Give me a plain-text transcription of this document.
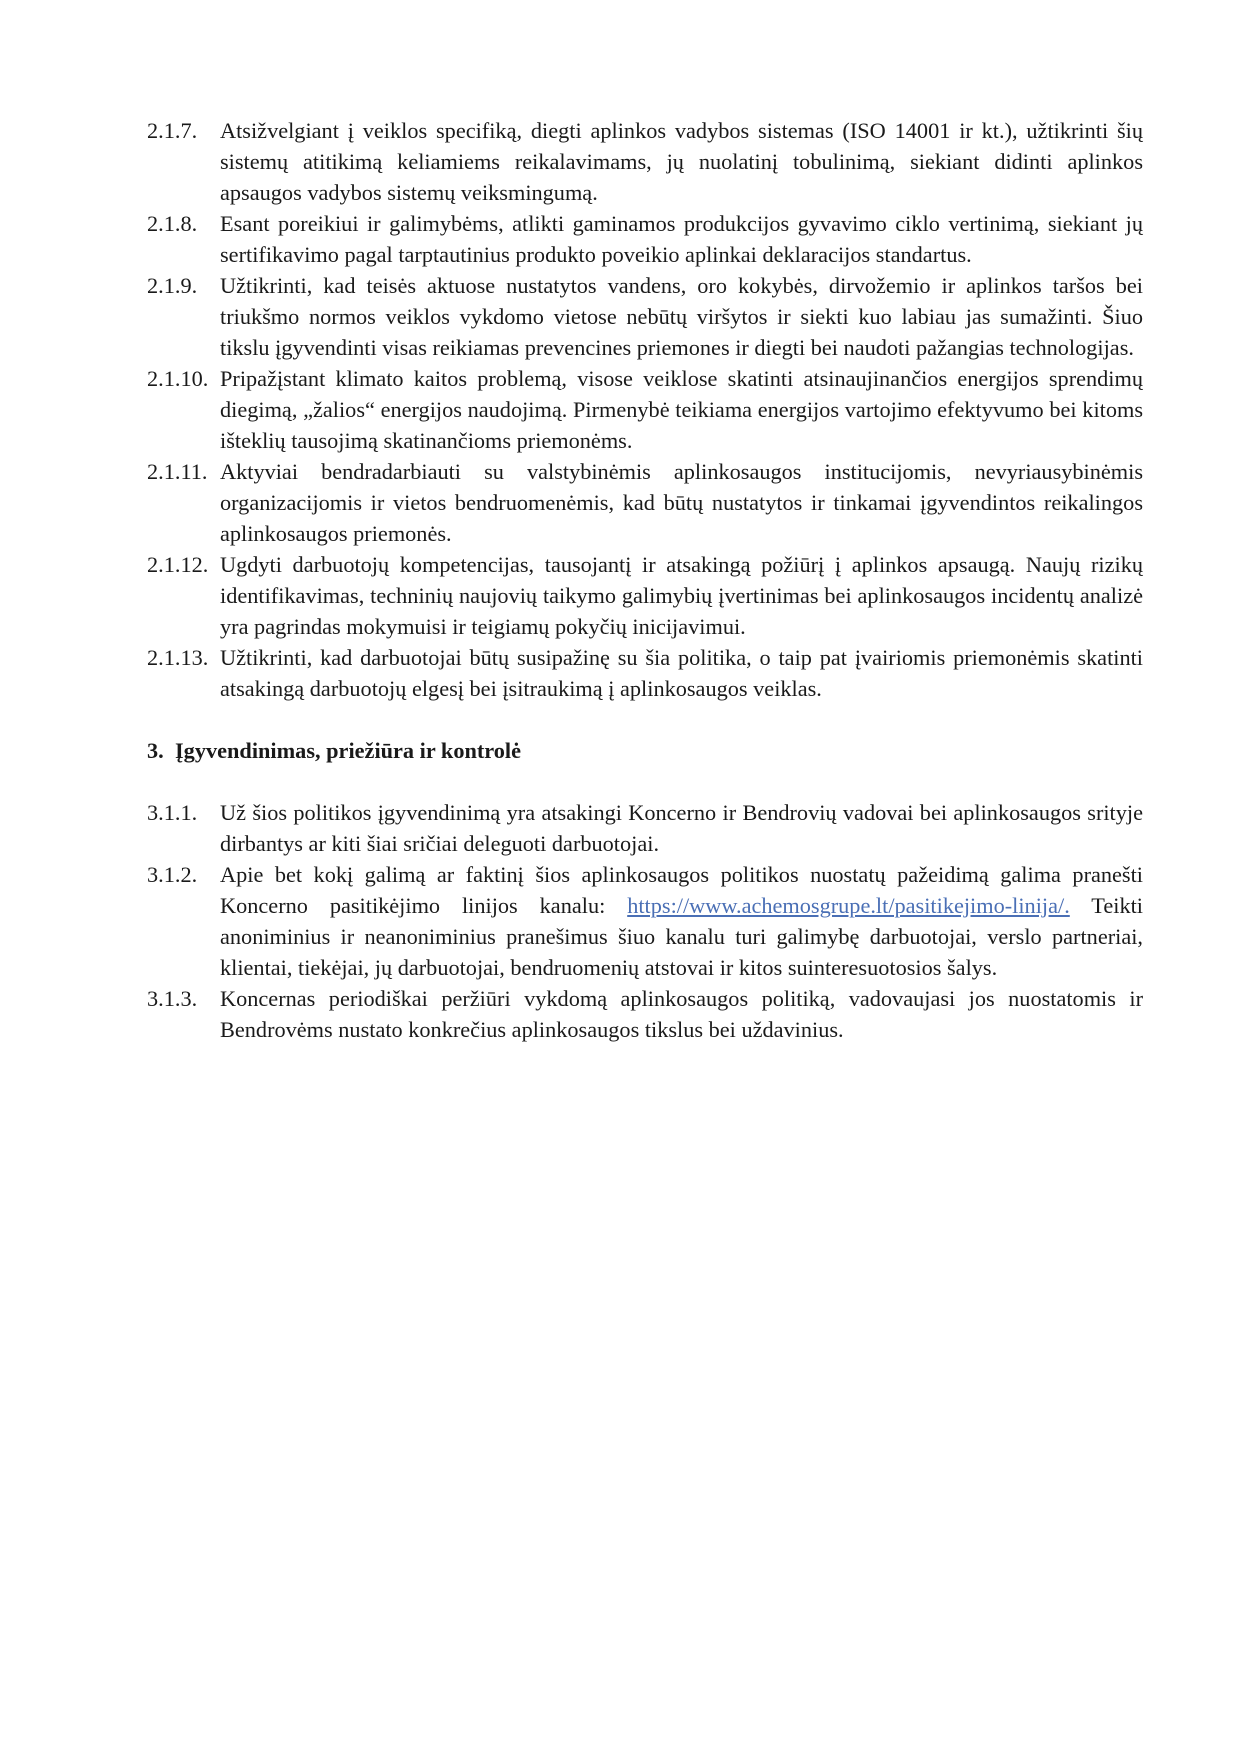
2.1.7.	Atsižvelgiant į veiklos specifiką, diegti aplinkos vadybos sistemas (ISO 14001 ir kt.), užtikrinti šių sistemų atitikimą keliamiems reikalavimams, jų nuolatinį tobulinimą, siekiant didinti aplinkos apsaugos vadybos sistemų veiksmingumą.
2.1.8.	Esant poreikiui ir galimybėms, atlikti gaminamos produkcijos gyvavimo ciklo vertinimą, siekiant jų sertifikavimo pagal tarptautinius produkto poveikio aplinkai deklaracijos standartus.
2.1.9.	Užtikrinti, kad teisės aktuose nustatytos vandens, oro kokybės, dirvožemio ir aplinkos taršos bei triukšmo normos veiklos vykdomo vietose nebūtų viršytos ir siekti kuo labiau jas sumažinti. Šiuo tikslu įgyvendinti visas reikiamas prevencines priemones ir diegti bei naudoti pažangias technologijas.
2.1.10. Pripažįstant klimato kaitos problemą, visose veiklose skatinti atsinaujinančios energijos sprendimų diegimą, „žalios“ energijos naudojimą. Pirmenybė teikiama energijos vartojimo efektyvumo bei kitoms išteklių tausojimą skatinančioms priemonėms.
2.1.11. Aktyviai bendradarbiauti su valstybinėmis aplinkosaugos institucijomis, nevyriausybinėmis organizacijomis ir vietos bendruomenėmis, kad būtų nustatytos ir tinkamai įgyvendintos reikalingos aplinkosaugos priemonės.
2.1.12. Ugdyti darbuotojų kompetencijas, tausojantį ir atsakingą požiūrį į aplinkos apsaugą. Naujų rizikų identifikavimas, techninių naujovių taikymo galimybių įvertinimas bei aplinkosaugos incidentų analizė yra pagrindas mokymuisi ir teigiamų pokyčių inicijavimui.
2.1.13. Užtikrinti, kad darbuotojai būtų susipažinę su šia politika, o taip pat įvairiomis priemonėmis skatinti atsakingą darbuotojų elgesį bei įsitraukimą į aplinkosaugos veiklas.
3. Įgyvendinimas, priežiūra ir kontrolė
3.1.1.	Už šios politikos įgyvendinimą yra atsakingi Koncerno ir Bendrovių vadovai bei aplinkosaugos srityje dirbantys ar kiti šiai sričiai deleguoti darbuotojai.
3.1.2.	Apie bet kokį galimą ar faktinį šios aplinkosaugos politikos nuostatų pažeidimą galima pranešti Koncerno pasitikėjimo linijos kanalu: https://www.achemosgrupe.lt/pasitikejimo-linija/. Teikti anoniminius ir neanoniminius pranešimus šiuo kanalu turi galimybę darbuotojai, verslo partneriai, klientai, tiekėjai, jų darbuotojai, bendruomenių atstovai ir kitos suinteresuotosios šalys.
3.1.3.	Koncernas periodiškai peržiūri vykdomą aplinkosaugos politiką, vadovaujasi jos nuostatomis ir Bendrovėms nustato konkrečius aplinkosaugos tikslus bei uždavinius.
